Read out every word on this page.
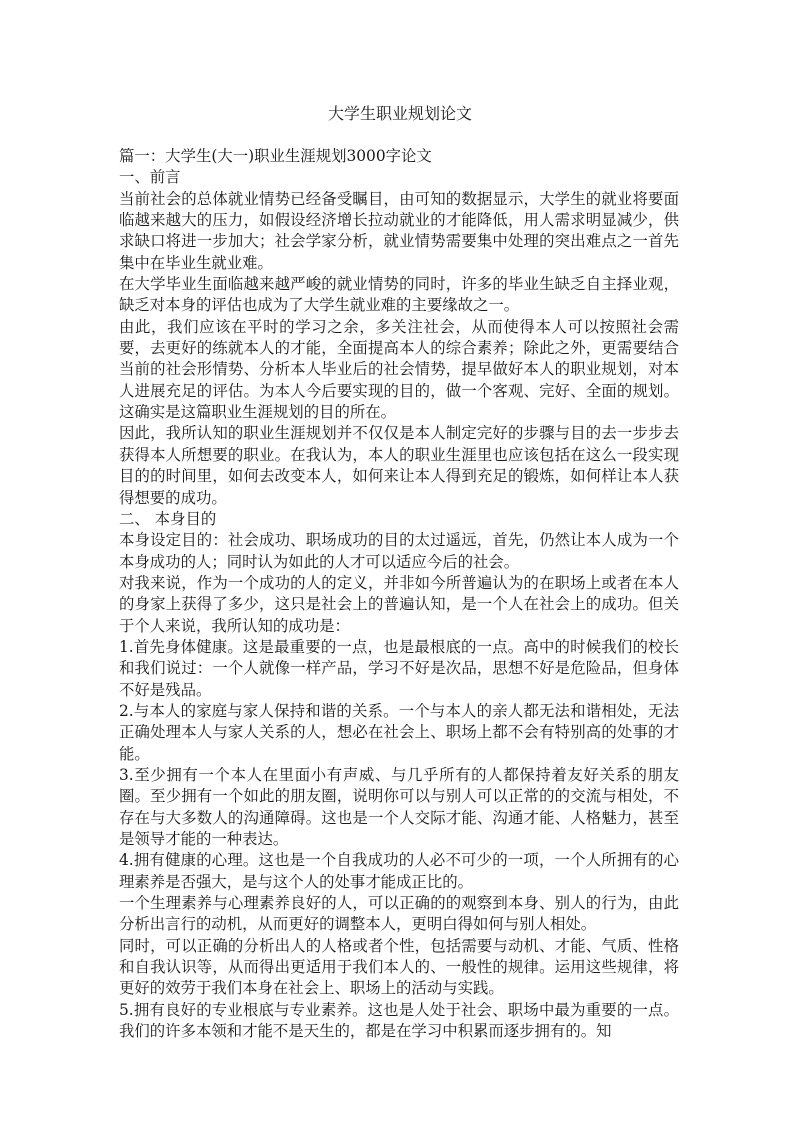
大学生职业规划论文

篇一：大学生(大一)职业生涯规划3000字论文

一、前言

当前社会的总体就业情势已经备受瞩目，由可知的数据显示，大学生的就业将要面临越来越大的压力，如假设经济增长拉动就业的才能降低，用人需求明显减少，供求缺口将进一步加大；社会学家分析，就业情势需要集中处理的突出难点之一首先集中在毕业生就业难。

在大学毕业生面临越来越严峻的就业情势的同时，许多的毕业生缺乏自主择业观，缺乏对本身的评估也成为了大学生就业难的主要缘故之一。

由此，我们应该在平时的学习之余，多关注社会，从而使得本人可以按照社会需要，去更好的练就本人的才能，全面提高本人的综合素养；除此之外，更需要结合当前的社会形情势、分析本人毕业后的社会情势，提早做好本人的职业规划，对本人进展充足的评估。为本人今后要实现的目的，做一个客观、完好、全面的规划。这确实是这篇职业生涯规划的目的所在。

因此，我所认知的职业生涯规划并不仅仅是本人制定完好的步骤与目的去一步步去获得本人所想要的职业。在我认为，本人的职业生涯里也应该包括在这么一段实现目的的时间里，如何去改变本人，如何来让本人得到充足的锻炼，如何样让本人获得想要的成功。

二、 本身目的

本身设定目的：社会成功、职场成功的目的太过遥远，首先，仍然让本人成为一个本身成功的人；同时认为如此的人才可以适应今后的社会。

对我来说，作为一个成功的人的定义，并非如今所普遍认为的在职场上或者在本人的身家上获得了多少，这只是社会上的普遍认知，是一个人在社会上的成功。但关于个人来说，我所认知的成功是：

1.首先身体健康。这是最重要的一点，也是最根底的一点。高中的时候我们的校长和我们说过：一个人就像一样产品，学习不好是次品，思想不好是危险品，但身体不好是残品。

2.与本人的家庭与家人保持和谐的关系。一个与本人的亲人都无法和谐相处，无法正确处理本人与家人关系的人，想必在社会上、职场上都不会有特别高的处事的才能。

3.至少拥有一个本人在里面小有声威、与几乎所有的人都保持着友好关系的朋友圈。至少拥有一个如此的朋友圈，说明你可以与别人可以正常的的交流与相处，不存在与大多数人的沟通障碍。这也是一个人交际才能、沟通才能、人格魅力，甚至是领导才能的一种表达。

4.拥有健康的心理。这也是一个自我成功的人必不可少的一项，一个人所拥有的心理素养是否强大，是与这个人的处事才能成正比的。

一个生理素养与心理素养良好的人，可以正确的的观察到本身、别人的行为，由此分析出言行的动机，从而更好的调整本人，更明白得如何与别人相处。

同时，可以正确的分析出人的人格或者个性，包括需要与动机、才能、气质、性格和自我认识等，从而得出更适用于我们本人的、一般性的规律。运用这些规律，将更好的效劳于我们本身在社会上、职场上的活动与实践。

5.拥有良好的专业根底与专业素养。这也是人处于社会、职场中最为重要的一点。我们的许多本领和才能不是天生的，都是在学习中积累而逐步拥有的。知
